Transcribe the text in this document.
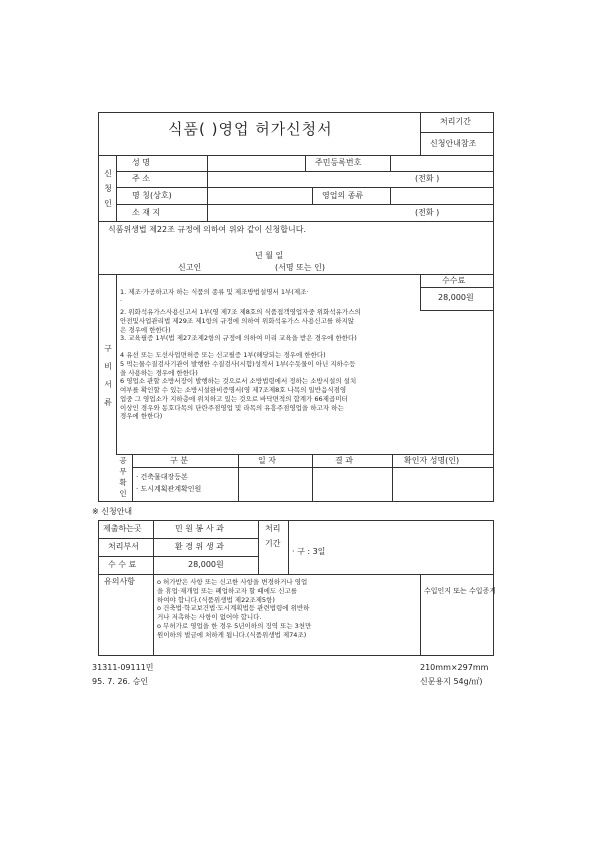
식품( )영업 허가신청서	처리기간
신청안내참조
신
청
인
성 명	주민등록번호
주 소	(전화 )
명 칭(상호)	영업의 종류
소 재 지	(전화 )
식품위생법 제22조 규정에 의하여 위와 같이 신청합니다.
년 월 일
신고인	(서명 또는 인)
구
비
서
류
수수료
28,000원
1. 제조·가공하고자 하는 식품의 종류 및 제조방법설명서 1부(제조·
·
2. 위화석유가스사용신고서 1부(영 제7조 제8호의 식품접객영업자중 위화석유가스의
안전및사업관리법 제29조 제1항의 규정에 의하여 위화석유가스 사용신고를 하지않
은 경우에 한한다)
3. 교육필증 1부(법 제27조제2항의 규정에 의하여 미리 교육을 받은 경우에 한한다)
4 유선 또는 도선사업면허증 또는 신고필증 1부(해당되는 경우에 한한다)
5 먹는물수질검사기관이 발행한 수질검사(시험)성적서 1부(수돗물이 아닌 지하수등
을 사용하는 경우에 한한다)
6 영업소 관할 소방서장이 발행하는 것으로서 소방법령에서 정하는 소방시설의 설치
여부를 확인할 수 있는 소방시설완비증명서(영 제7조제8호 나목의 일반음식점영
업중 그 영업소가 지하층에 위치하고 있는 것으로 바닥면적의 합계가 66제곱미터
이상인 경우와 동호다목의 단란주점영업 및 라목의 유흥주점영업을 하고자 하는
경우에 한한다)
공
무
확
인
구 분	일 자	결 과	확인자 성명(인)
· 건축물대장등본
· 도시계획관계확인원
※ 신청안내
제출하는곳	민 원 봉 사 과
처리부서	환 경 위 생 과
수 수 료	28,000원
처리
기간
· 구 : 3일
유의사항	o 허가받은 사항 또는 신고한 사항을 변경하거나 영업
을 휴업·재개업 또는 폐업하고자 할 때에도 신고를
하여야 합니다.(식품위생법 제22조제5항)
o 건축법·학교보건법·도시계획법등 관련법령에 위반하
거나 저촉하는 사항이 없어야 합니다.
o 무허가로 영업을 한 경우 5년이하의 징역 또는 3천만
원이하의 벌금에 처하게 됩니다.(식품위생법 제74조)
수입인지 또는 수입증지
31311-09111민
95. 7. 26. 승인
210mm×297mm
신문용지 54g/㎡)
